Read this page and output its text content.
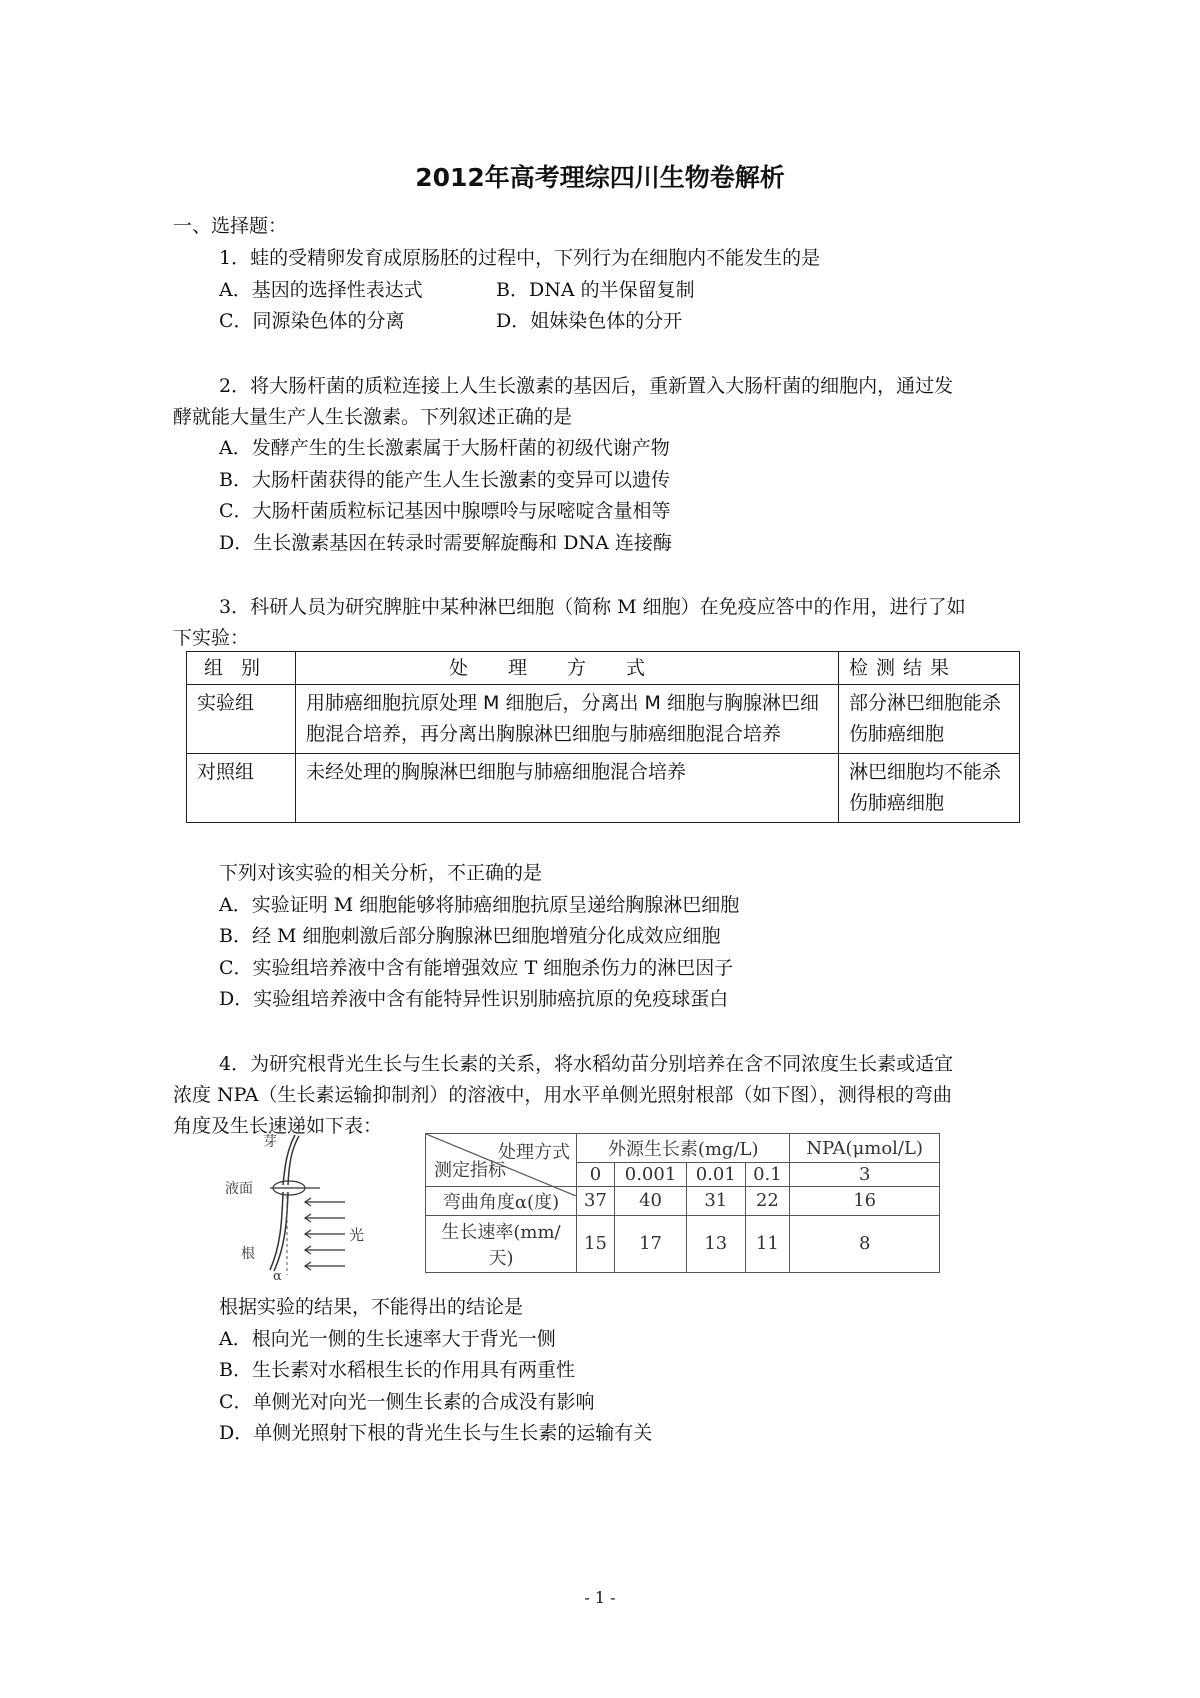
2012年高考理综四川生物卷解析
一、选择题：
1．蛙的受精卵发育成原肠胚的过程中，下列行为在细胞内不能发生的是
A．基因的选择性表达式	B．DNA 的半保留复制
C．同源染色体的分离	D．姐妹染色体的分开
2．将大肠杆菌的质粒连接上人生长激素的基因后，重新置入大肠杆菌的细胞内，通过发
酵就能大量生产人生长激素。下列叙述正确的是
A．发酵产生的生长激素属于大肠杆菌的初级代谢产物
B．大肠杆菌获得的能产生人生长激素的变异可以遗传
C．大肠杆菌质粒标记基因中腺嘌呤与尿嘧啶含量相等
D．生长激素基因在转录时需要解旋酶和 DNA 连接酶
3．科研人员为研究脾脏中某种淋巴细胞（简称 M 细胞）在免疫应答中的作用，进行了如
下实验：
组别	处理方式	检测结果
实验组	用肺癌细胞抗原处理 M 细胞后，分离出 M 细胞与胸腺淋巴细胞混合培养，再分离出胸腺淋巴细胞与肺癌细胞混合培养	部分淋巴细胞能杀伤肺癌细胞
对照组	未经处理的胸腺淋巴细胞与肺癌细胞混合培养	淋巴细胞均不能杀伤肺癌细胞
下列对该实验的相关分析，不正确的是
A．实验证明 M 细胞能够将肺癌细胞抗原呈递给胸腺淋巴细胞
B．经 M 细胞刺激后部分胸腺淋巴细胞增殖分化成效应细胞
C．实验组培养液中含有能增强效应 T 细胞杀伤力的淋巴因子
D．实验组培养液中含有能特异性识别肺癌抗原的免疫球蛋白
4．为研究根背光生长与生长素的关系，将水稻幼苗分别培养在含不同浓度生长素或适宜
浓度 NPA（生长素运输抑制剂）的溶液中，用水平单侧光照射根部（如下图），测得根的弯曲
角度及生长速递如下表：
芽
液面
根
光
α
处理方式
测定指标	外源生长素(mg/L)				NPA(μmol/L)
	0	0.001	0.01	0.1	3
弯曲角度α(度)	37	40	31	22	16
生长速率(mm/天)	15	17	13	11	8
根据实验的结果，不能得出的结论是
A．根向光一侧的生长速率大于背光一侧
B．生长素对水稻根生长的作用具有两重性
C．单侧光对向光一侧生长素的合成没有影响
D．单侧光照射下根的背光生长与生长素的运输有关
- 1 -
